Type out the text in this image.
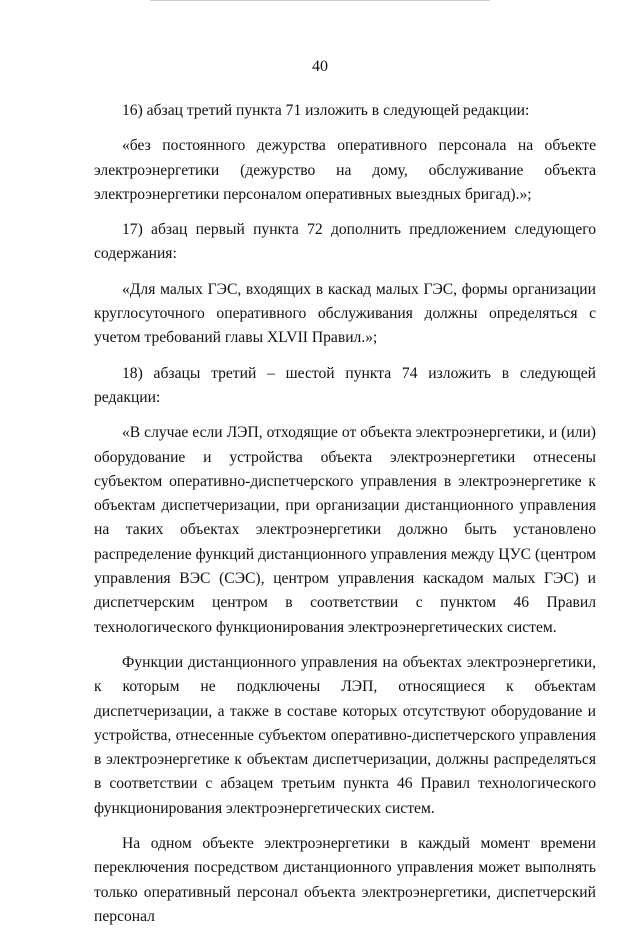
40

16) абзац третий пункта 71 изложить в следующей редакции:

«без постоянного дежурства оперативного персонала на объекте электроэнергетики (дежурство на дому, обслуживание объекта электроэнергетики персоналом оперативных выездных бригад).»;

17) абзац первый пункта 72 дополнить предложением следующего содержания:

«Для малых ГЭС, входящих в каскад малых ГЭС, формы организации круглосуточного оперативного обслуживания должны определяться с учетом требований главы XLVII Правил.»;

18) абзацы третий – шестой пункта 74 изложить в следующей редакции:

«В случае если ЛЭП, отходящие от объекта электроэнергетики, и (или) оборудование и устройства объекта электроэнергетики отнесены субъектом оперативно-диспетчерского управления в электроэнергетике к объектам диспетчеризации, при организации дистанционного управления на таких объектах электроэнергетики должно быть установлено распределение функций дистанционного управления между ЦУС (центром управления ВЭС (СЭС), центром управления каскадом малых ГЭС) и диспетчерским центром в соответствии с пунктом 46 Правил технологического функционирования электроэнергетических систем.

Функции дистанционного управления на объектах электроэнергетики, к которым не подключены ЛЭП, относящиеся к объектам диспетчеризации, а также в составе которых отсутствуют оборудование и устройства, отнесенные субъектом оперативно-диспетчерского управления в электроэнергетике к объектам диспетчеризации, должны распределяться в соответствии с абзацем третьим пункта 46 Правил технологического функционирования электроэнергетических систем.

На одном объекте электроэнергетики в каждый момент времени переключения посредством дистанционного управления может выполнять только оперативный персонал объекта электроэнергетики, диспетчерский персонал
